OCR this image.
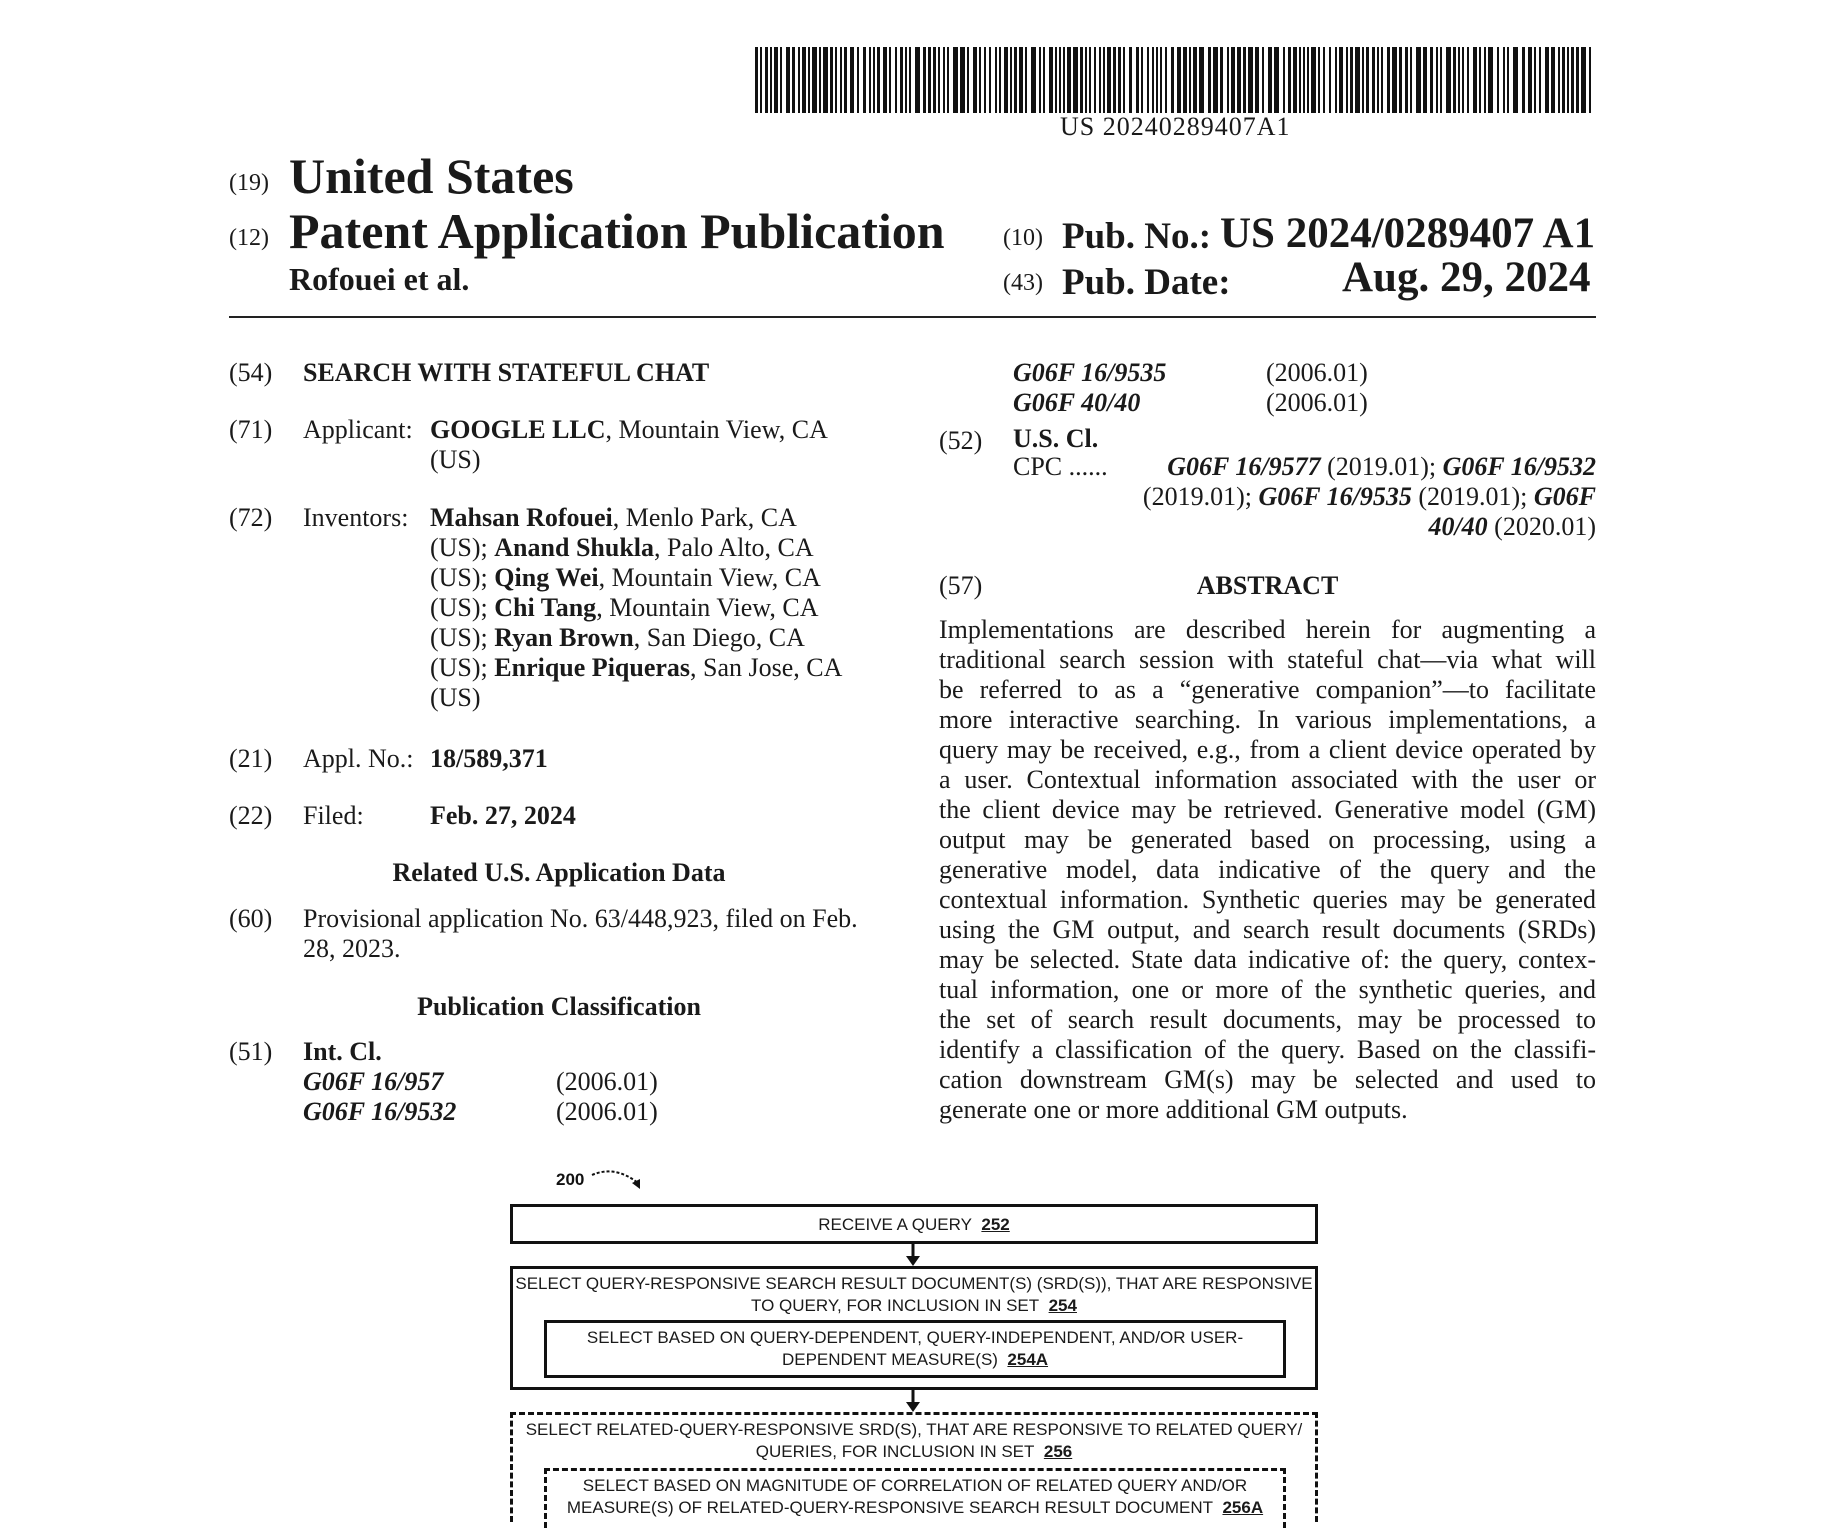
US 20240289407A1
(19) United States
(12) Patent Application Publication
Rofouei et al.
(10) Pub. No.: US 2024/0289407 A1
(43) Pub. Date:	Aug. 29, 2024
(54) SEARCH WITH STATEFUL CHAT
(71) Applicant: GOOGLE LLC, Mountain View, CA
(US)
(72) Inventors: Mahsan Rofouei, Menlo Park, CA
(US); Anand Shukla, Palo Alto, CA
(US); Qing Wei, Mountain View, CA
(US); Chi Tang, Mountain View, CA
(US); Ryan Brown, San Diego, CA
(US); Enrique Piqueras, San Jose, CA
(US)
(21) Appl. No.: 18/589,371
(22) Filed:	Feb. 27, 2024
Related U.S. Application Data
(60) Provisional application No. 63/448,923, filed on Feb.
28, 2023.
Publication Classification
(51) Int. Cl.
G06F 16/957	(2006.01)
G06F 16/9532	(2006.01)
G06F 16/9535	(2006.01)
G06F 40/40	(2006.01)
(52) U.S. Cl.
CPC ...... G06F 16/9577 (2019.01); G06F 16/9532
(2019.01); G06F 16/9535 (2019.01); G06F
40/40 (2020.01)
(57)	ABSTRACT
Implementations are described herein for augmenting a
traditional search session with stateful chat—via what will
be referred to as a “generative companion”—to facilitate
more interactive searching. In various implementations, a
query may be received, e.g., from a client device operated by
a user. Contextual information associated with the user or
the client device may be retrieved. Generative model (GM)
output may be generated based on processing, using a
generative model, data indicative of the query and the
contextual information. Synthetic queries may be generated
using the GM output, and search result documents (SRDs)
may be selected. State data indicative of: the query, contex-
tual information, one or more of the synthetic queries, and
the set of search result documents, may be processed to
identify a classification of the query. Based on the classifi-
cation downstream GM(s) may be selected and used to
generate one or more additional GM outputs.
200
RECEIVE A QUERY 252
SELECT QUERY-RESPONSIVE SEARCH RESULT DOCUMENT(S) (SRD(S)), THAT ARE RESPONSIVE
TO QUERY, FOR INCLUSION IN SET 254
SELECT BASED ON QUERY-DEPENDENT, QUERY-INDEPENDENT, AND/OR USER-
DEPENDENT MEASURE(S) 254A
SELECT RELATED-QUERY-RESPONSIVE SRD(S), THAT ARE RESPONSIVE TO RELATED QUERY/
QUERIES, FOR INCLUSION IN SET 256
SELECT BASED ON MAGNITUDE OF CORRELATION OF RELATED QUERY AND/OR
MEASURE(S) OF RELATED-QUERY-RESPONSIVE SEARCH RESULT DOCUMENT 256A
